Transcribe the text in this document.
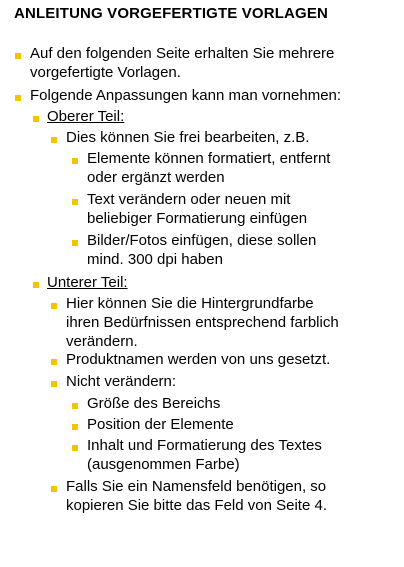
ANLEITUNG VORGEFERTIGTE VORLAGEN
Auf den folgenden Seite erhalten Sie mehrere
vorgefertigte Vorlagen.
Folgende Anpassungen kann man vornehmen:
Oberer Teil:
Dies können Sie frei bearbeiten, z.B.
Elemente können formatiert, entfernt
oder ergänzt werden
Text verändern oder neuen mit
beliebiger Formatierung einfügen
Bilder/Fotos einfügen, diese sollen
mind. 300 dpi haben
Unterer Teil:
Hier können Sie die Hintergrundfarbe
ihren Bedürfnissen entsprechend farblich
verändern.
Produktnamen werden von uns gesetzt.
Nicht verändern:
Größe des Bereichs
Position der Elemente
Inhalt und Formatierung des Textes
(ausgenommen Farbe)
Falls Sie ein Namensfeld benötigen, so
kopieren Sie bitte das Feld von Seite 4.
